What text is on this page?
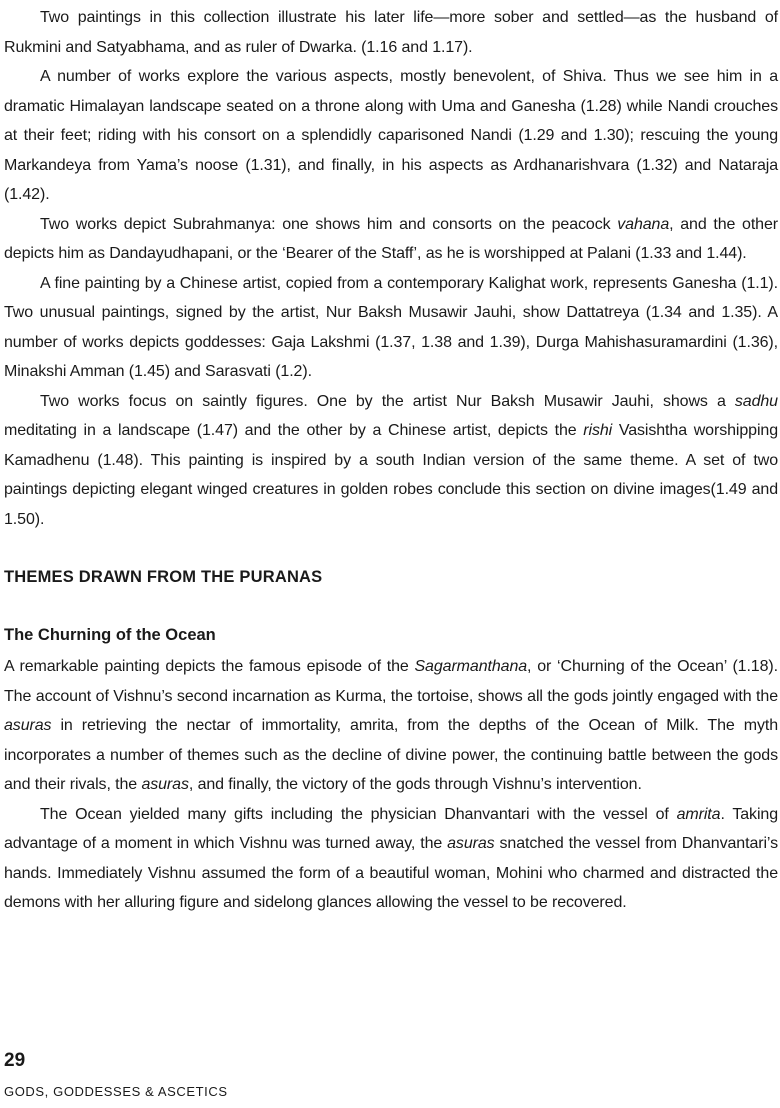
Two paintings in this collection illustrate his later life—more sober and settled—as the husband of Rukmini and Satyabhama, and as ruler of Dwarka. (1.16 and 1.17).

A number of works explore the various aspects, mostly benevolent, of Shiva. Thus we see him in a dramatic Himalayan landscape seated on a throne along with Uma and Ganesha (1.28) while Nandi crouches at their feet; riding with his consort on a splendidly caparisoned Nandi (1.29 and 1.30); rescuing the young Markandeya from Yama’s noose (1.31), and finally, in his aspects as Ardhanarishvara (1.32) and Nataraja (1.42).

Two works depict Subrahmanya: one shows him and consorts on the peacock vahana, and the other depicts him as Dandayudhapani, or the ‘Bearer of the Staff’, as he is worshipped at Palani (1.33 and 1.44).

A fine painting by a Chinese artist, copied from a contemporary Kalighat work, represents Ganesha (1.1). Two unusual paintings, signed by the artist, Nur Baksh Musawir Jauhi, show Dattatreya (1.34 and 1.35). A number of works depicts goddesses: Gaja Lakshmi (1.37, 1.38 and 1.39), Durga Mahishasuramardini (1.36), Minakshi Amman (1.45) and Sarasvati (1.2).

Two works focus on saintly figures. One by the artist Nur Baksh Musawir Jauhi, shows a sadhu meditating in a landscape (1.47) and the other by a Chinese artist, depicts the rishi Vasishtha worshipping Kamadhenu (1.48). This painting is inspired by a south Indian version of the same theme. A set of two paintings depicting elegant winged creatures in golden robes conclude this section on divine images(1.49 and 1.50).

THEMES DRAWN FROM THE PURANAS
The Churning of the Ocean

A remarkable painting depicts the famous episode of the Sagarmanthana, or ‘Churning of the Ocean’ (1.18). The account of Vishnu’s second incarnation as Kurma, the tortoise, shows all the gods jointly engaged with the asuras in retrieving the nectar of immortality, amrita, from the depths of the Ocean of Milk. The myth incorporates a number of themes such as the decline of divine power, the continuing battle between the gods and their rivals, the asuras, and finally, the victory of the gods through Vishnu’s intervention.

The Ocean yielded many gifts including the physician Dhanvantari with the vessel of amrita. Taking advantage of a moment in which Vishnu was turned away, the asuras snatched the vessel from Dhanvantari’s hands. Immediately Vishnu assumed the form of a beautiful woman, Mohini who charmed and distracted the demons with her alluring figure and sidelong glances allowing the vessel to be recovered.

29

GODS, GODDESSES & ASCETICS
